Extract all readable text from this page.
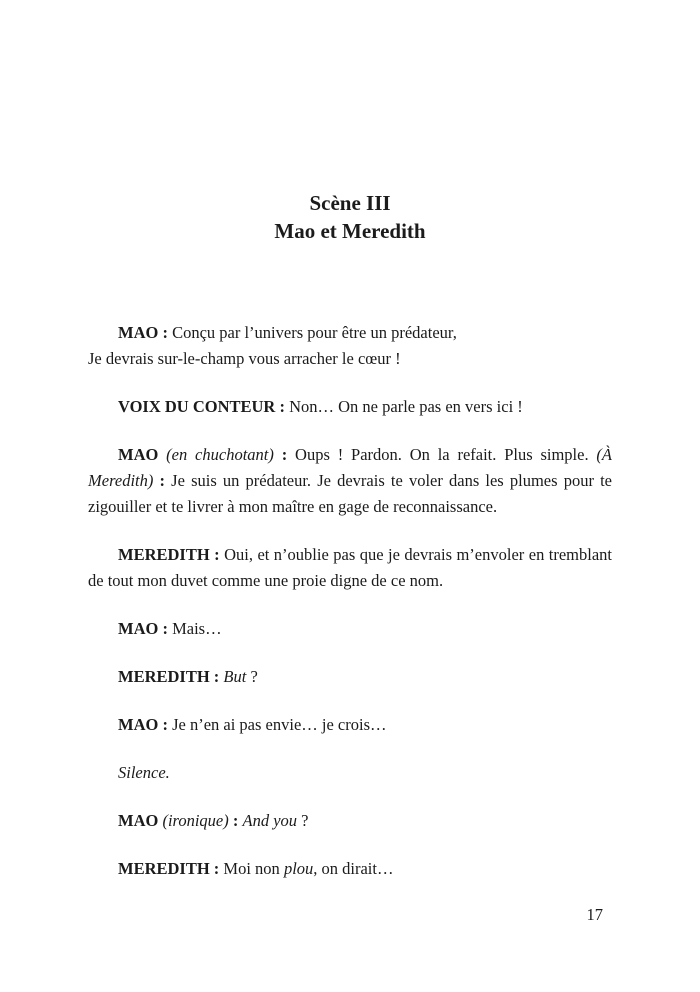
Scène III
Mao et Meredith

MAO : Conçu par l’univers pour être un prédateur,
Je devrais sur-le-champ vous arracher le cœur !

VOIX DU CONTEUR : Non… On ne parle pas en vers ici !

MAO (en chuchotant) : Oups ! Pardon. On la refait. Plus simple. (À Meredith) : Je suis un prédateur. Je devrais te voler dans les plumes pour te zigouiller et te livrer à mon maître en gage de reconnaissance.

MEREDITH : Oui, et n’oublie pas que je devrais m’envoler en tremblant de tout mon duvet comme une proie digne de ce nom.

MAO : Mais…

MEREDITH : But ?

MAO : Je n’en ai pas envie… je crois…

Silence.

MAO (ironique) : And you ?

MEREDITH : Moi non plou, on dirait…

17
